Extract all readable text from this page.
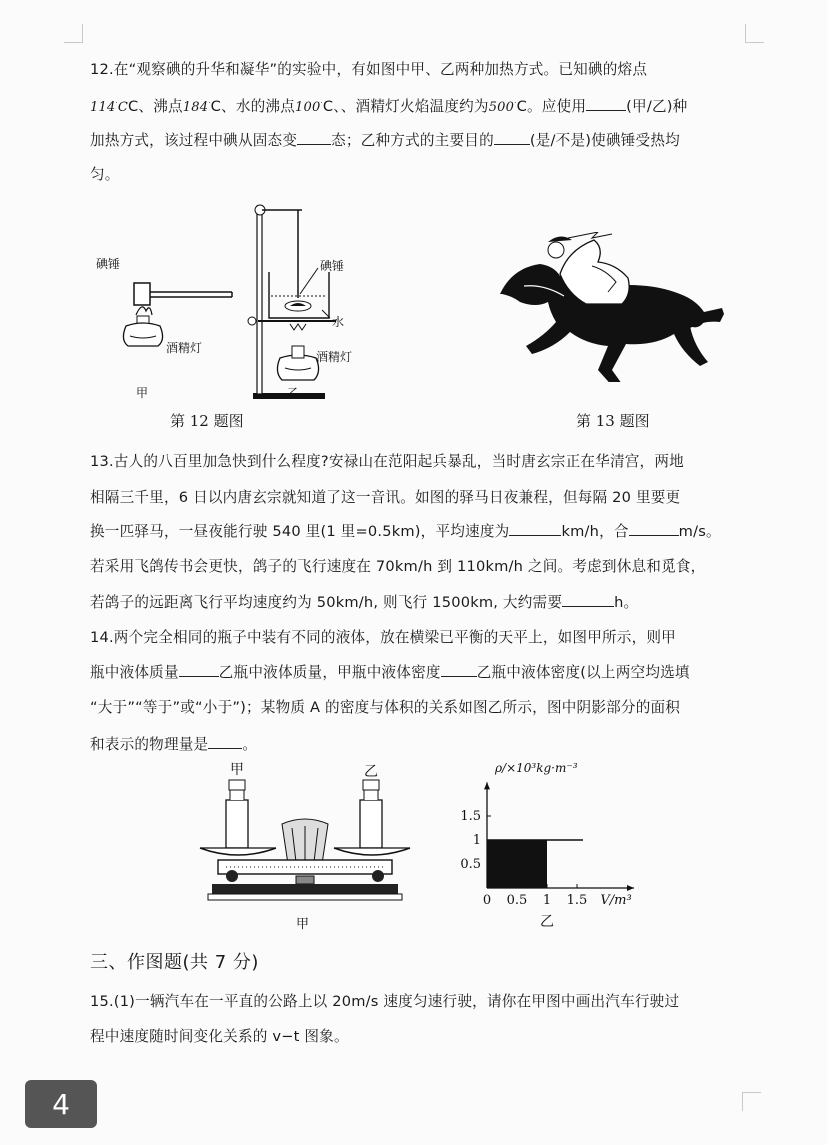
12.在“观察碘的升华和凝华”的实验中，有如图中甲、乙两种加热方式。已知碘的熔点
114·CC、沸点184·C、水的沸点100·C、、酒精灯火焰温度约为500·C。应使用	(甲/乙)种
加热方式，该过程中碘从固态变 态；乙种方式的主要目的 (是/不是)使碘锤受热均
匀。
碘锤
酒精灯
甲
碘锤
水
酒精灯
乙
第 12 题图	第 13 题图
13.古人的八百里加急快到什么程度?安禄山在范阳起兵暴乱，当时唐玄宗正在华清宫，两地
相隔三千里，6 日以内唐玄宗就知道了这一音讯。如图的驿马日夜兼程，但每隔 20 里要更
换一匹驿马，一昼夜能行驶 540 里(1 里=0.5km)，平均速度为	km/h，合	m/s。
若采用飞鸽传书会更快，鸽子的飞行速度在 70km/h 到 110km/h 之间。考虑到休息和觅食，
若鸽子的远距离飞行平均速度约为 50km/h, 则飞行 1500km, 大约需要	h。
14.两个完全相同的瓶子中装有不同的液体，放在横梁已平衡的天平上，如图甲所示，则甲
瓶中液体质量	乙瓶中液体质量，甲瓶中液体密度 乙瓶中液体密度(以上两空均选填
“大于”“等于”或“小于”)；某物质 A 的密度与体积的关系如图乙所示，图中阴影部分的面积
和表示的物理量是 。
甲	乙
甲
1.5
1
0.5
0 0.5 1 1.5 V/m³
ρ/×10³kg·m⁻³
乙
三、作图题(共 7 分)
15.(1)一辆汽车在一平直的公路上以 20m/s 速度匀速行驶，请你在甲图中画出汽车行驶过
程中速度随时间变化关系的 v−t 图象。
4
